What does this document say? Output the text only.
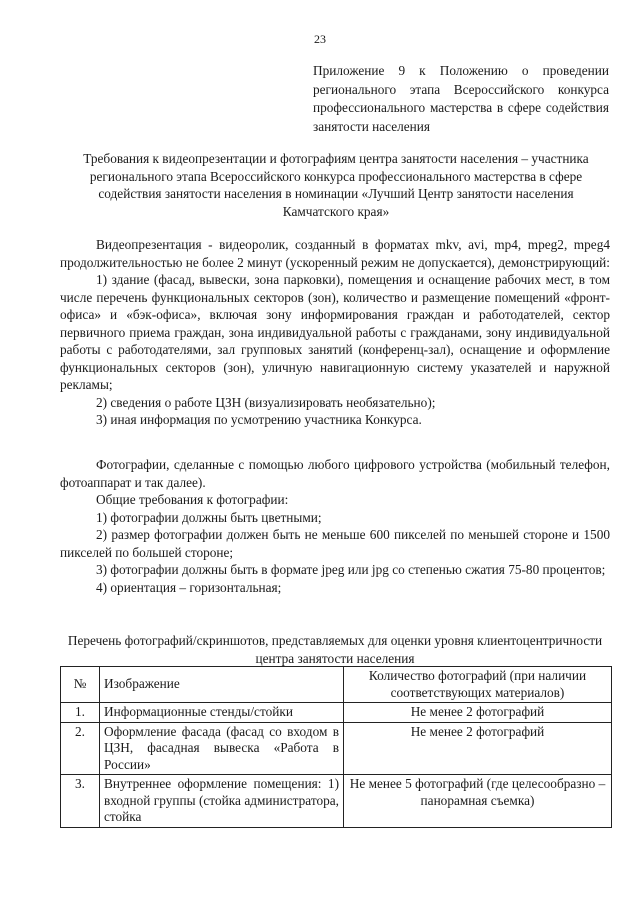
23
Приложение 9 к Положению о проведении регионального этапа Всероссийского конкурса профессионального мастерства в сфере содействия занятости населения
Требования к видеопрезентации и фотографиям центра занятости населения – участника регионального этапа Всероссийского конкурса профессионального мастерства в сфере содействия занятости населения в номинации «Лучший Центр занятости населения Камчатского края»

Видеопрезентация - видеоролик, созданный в форматах mkv, avi, mp4, mpeg2, mpeg4 продолжительностью не более 2 минут (ускоренный режим не допускается), демонстрирующий:

1) здание (фасад, вывески, зона парковки), помещения и оснащение рабочих мест, в том числе перечень функциональных секторов (зон), количество и размещение помещений «фронт-офиса» и «бэк-офиса», включая зону информирования граждан и работодателей, сектор первичного приема граждан, зона индивидуальной работы с гражданами, зону индивидуальной работы с работодателями, зал групповых занятий (конференц-зал), оснащение и оформление функциональных секторов (зон), уличную навигационную систему указателей и наружной рекламы;

2) сведения о работе ЦЗН (визуализировать необязательно);

3) иная информация по усмотрению участника Конкурса.

Фотографии, сделанные с помощью любого цифрового устройства (мобильный телефон, фотоаппарат и так далее).

Общие требования к фотографии:

1) фотографии должны быть цветными;

2) размер фотографии должен быть не меньше 600 пикселей по меньшей стороне и 1500 пикселей по большей стороне;

3) фотографии должны быть в формате jpeg или jpg со степенью сжатия 75-80 процентов;

4) ориентация – горизонтальная;

Перечень фотографий/скриншотов, представляемых для оценки уровня клиентоцентричности центра занятости населения
№	Изображение	Количество фотографий (при наличии соответствующих материалов)
1.	Информационные стенды/стойки	Не менее 2 фотографий
2.	Оформление фасада (фасад со входом в ЦЗН, фасадная вывеска «Работа в России»	Не менее 2 фотографий
3.	Внутреннее оформление помещения: 1) входной группы (стойка администратора, стойка	Не менее 5 фотографий (где целесообразно – панорамная съемка)
